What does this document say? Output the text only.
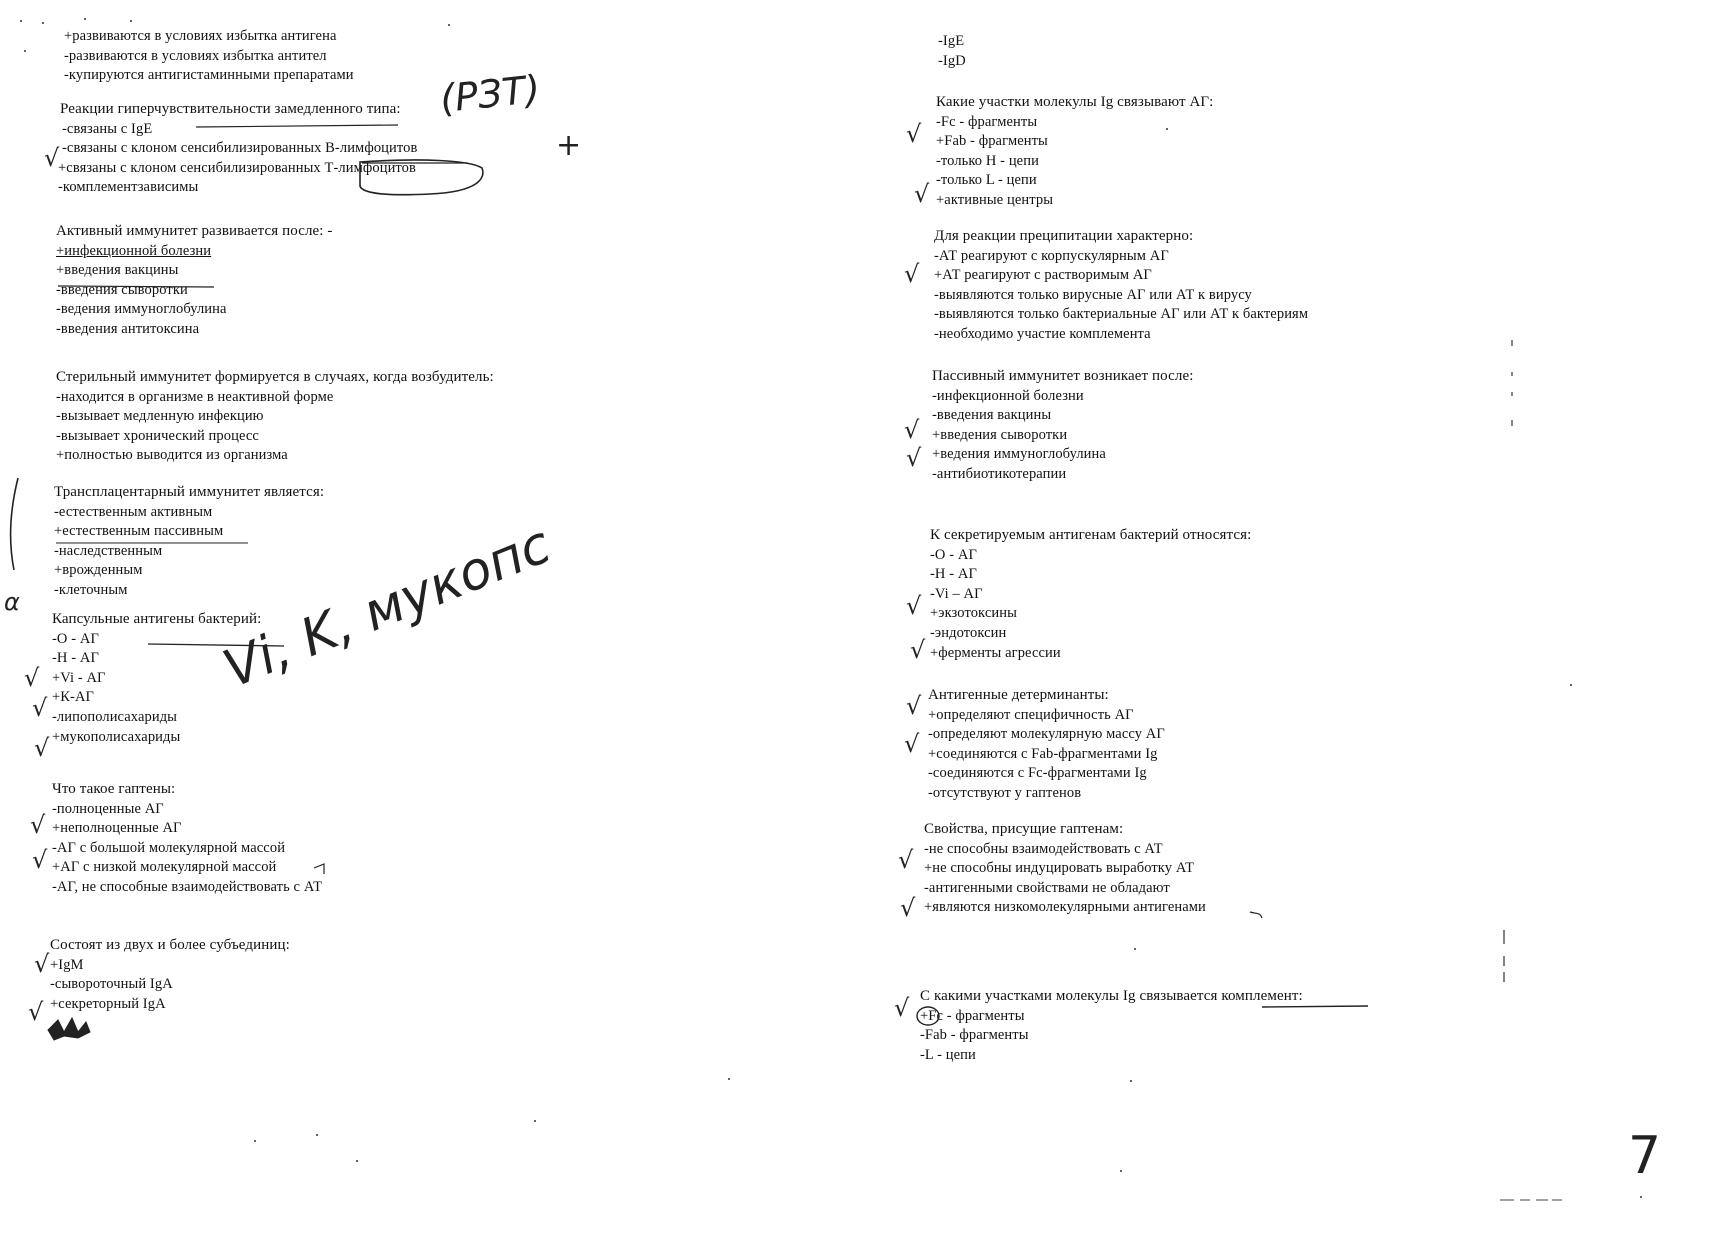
+развиваются в условиях избытка антигена
-развиваются в условиях избытка антител
-купируются антигистаминными препаратами
Реакции гиперчувствительности замедленного типа:
-связаны с IgE
-связаны с клоном сенсибилизированных В-лимфоцитов
+связаны с клоном сенсибилизированных Т-лимфоцитов
-комплементзависимы
Активный иммунитет развивается после: -
+инфекционной болезни
+введения вакцины
-введения сыворотки
-ведения иммуноглобулина
-введения антитоксина
Стерильный иммунитет формируется в случаях, когда возбудитель:
-находится в организме в неактивной форме
-вызывает медленную инфекцию
-вызывает хронический процесс
+полностью выводится из организма
Трансплацентарный иммунитет является:
-естественным активным
+естественным пассивным
-наследственным
+врожденным
-клеточным
Капсульные антигены бактерий:
-О - АГ
-Н - АГ
+Vi - АГ
+К-АГ
-липополисахариды
+мукополисахариды
Что такое гаптены:
-полноценные АГ
+неполноценные АГ
-АГ с большой молекулярной массой
+АГ с низкой молекулярной массой
-АГ, не способные взаимодействовать с АТ
Состоят из двух и более субъединиц:
+IgM
-сывороточный IgA
+секреторный IgA
-IgE
-IgD
Какие участки молекулы Ig связывают АГ:
-Fc - фрагменты
+Fab - фрагменты
-только Н - цепи
-только L - цепи
+активные центры
Для реакции преципитации характерно:
-АТ реагируют с корпускулярным АГ
+АТ реагируют с растворимым АГ
-выявляются только вирусные АГ или АТ к вирусу
-выявляются только бактериальные АГ или АТ к бактериям
-необходимо участие комплемента
Пассивный иммунитет возникает после:
-инфекционной болезни
-введения вакцины
+введения сыворотки
+ведения иммуноглобулина
-антибиотикотерапии
К секретируемым антигенам бактерий относятся:
-О - АГ
-Н - АГ
-Vi – АГ
+экзотоксины
-эндотоксин
+ферменты агрессии
Антигенные детерминанты:
+определяют специфичность АГ
-определяют молекулярную массу АГ
+соединяются с Fab-фрагментами Ig
-соединяются с Fc-фрагментами Ig
-отсутствуют у гаптенов
Свойства, присущие гаптенам:
-не способны взаимодействовать с АТ
+не способны индуцировать выработку АТ
-антигенными свойствами не обладают
+являются низкомолекулярными антигенами
С какими участками молекулы Ig связывается комплемент:
+Fc - фрагменты
-Fab - фрагменты
-L - цепи
(РЗТ)
+
Vi, K, мукопс
7
α
√
√
√
√
√
√
√
√
√
√
√
√
√
√
√
√
√
√
√
√
